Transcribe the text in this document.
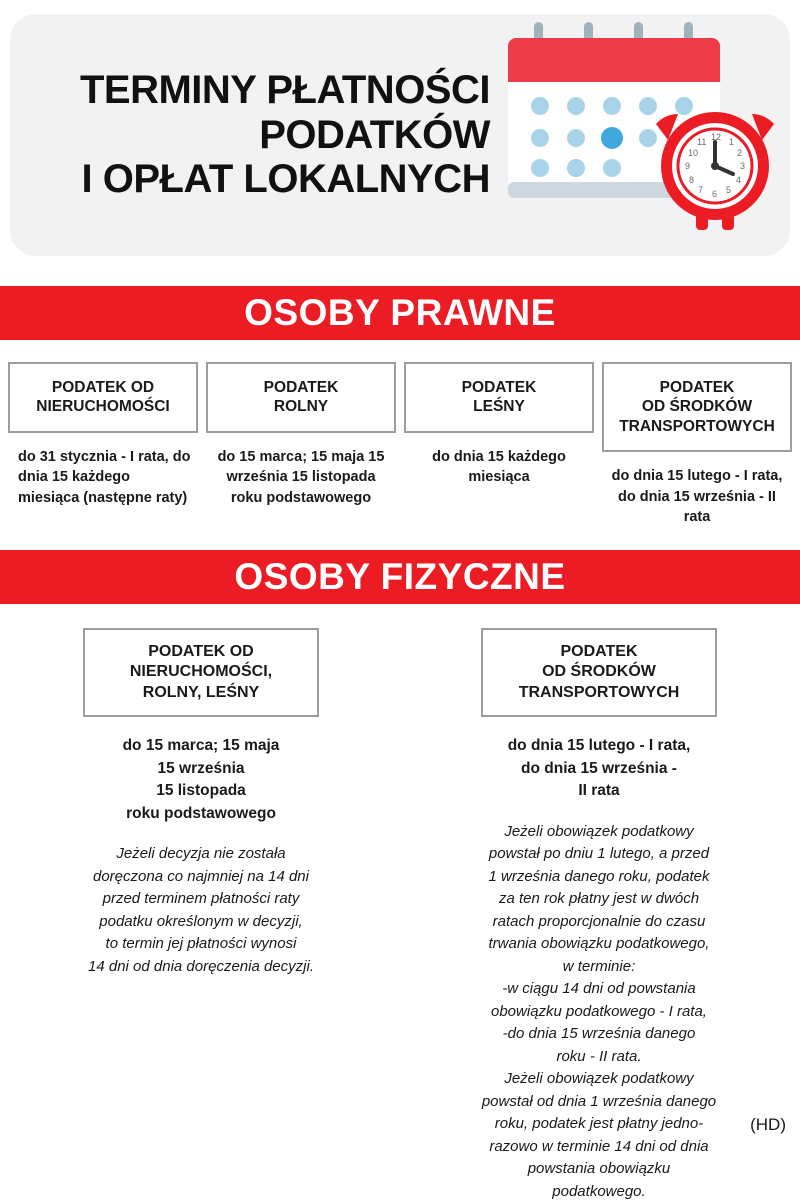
TERMINY PŁATNOŚCI
PODATKÓW
I OPŁAT LOKALNYCH
12
11
10
9
8
7 6 5
4
3
2
1
OSOBY PRAWNE
PODATEK OD
NIERUCHOMOŚCI
do 31 stycznia - I rata, do dnia 15 każdego miesiąca (następne raty)
PODATEK
ROLNY
do 15 marca; 15 maja 15 września 15 listopada roku podstawowego
PODATEK
LEŚNY
do dnia 15 każdego miesiąca
PODATEK
OD ŚRODKÓW
TRANSPORTOWYCH
do dnia 15 lutego - I rata, do dnia 15 września - II rata
OSOBY FIZYCZNE
PODATEK OD
NIERUCHOMOŚCI,
ROLNY, LEŚNY
do 15 marca; 15 maja
15 września
15 listopada
roku podstawowego
Jeżeli decyzja nie została
doręczona co najmniej na 14 dni
przed terminem płatności raty
podatku określonym w decyzji,
to termin jej płatności wynosi
14 dni od dnia doręczenia decyzji.
PODATEK
OD ŚRODKÓW
TRANSPORTOWYCH
do dnia 15 lutego - I rata,
do dnia 15 września -
II rata
Jeżeli obowiązek podatkowy
powstał po dniu 1 lutego, a przed
1 września danego roku, podatek
za ten rok płatny jest w dwóch
ratach proporcjonalnie do czasu
trwania obowiązku podatkowego,
w terminie:
-w ciągu 14 dni od powstania
obowiązku podatkowego - I rata,
-do dnia 15 września danego
roku - II rata.
Jeżeli obowiązek podatkowy
powstał od dnia 1 września danego
roku, podatek jest płatny jedno-
razowo w terminie 14 dni od dnia
powstania obowiązku
podatkowego.
(HD)
